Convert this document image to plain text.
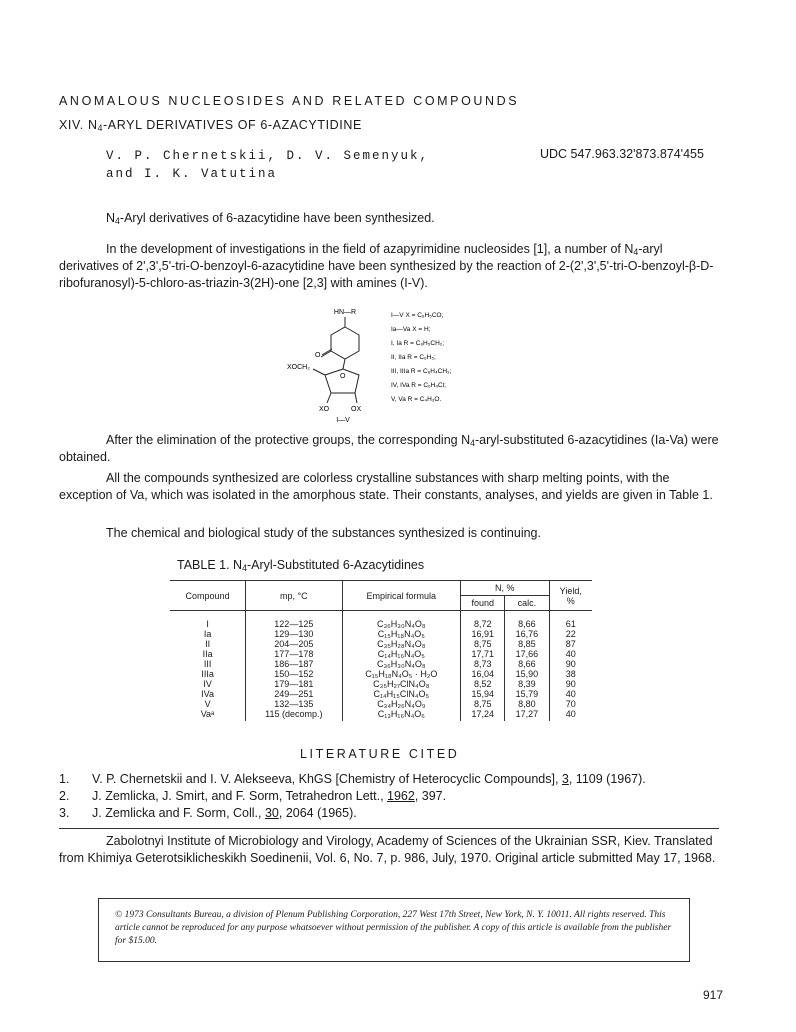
ANOMALOUS NUCLEOSIDES AND RELATED COMPOUNDS
XIV. $N_4$-ARYL DERIVATIVES OF 6-AZACYTIDINE
V. P. Chernetskii, D. V. Semenyuk,
and I. K. Vatutina
UDC 547.963.32'873.874'455

$N_4$-Aryl derivatives of 6-azacytidine have been synthesized.

In the development of investigations in the field of azapyrimidine nucleosides [1], a number of $N_4$-aryl derivatives of 2',3',5'-tri-O-benzoyl-6-azacytidine have been synthesized by the reaction of 2-(2',3',5'-tri-O-benzoyl-β-D-ribofuranosyl)-5-chloro-as-triazin-3(2H)-one [2,3] with amines (I-V).

HN—R
XOCH₂
O
O
XO	OX
I—V
I—V X = C₆H₅CO;
Ia—Va X = H;
I, Ia R = C₆H₅CH₂;
II, IIa R = C₆H₅;
III, IIIa R = C₆H₄CH₃;
IV, IVa R = C₆H₄Cl;
V, Va R = C₄H₃O.

After the elimination of the protective groups, the corresponding $N_4-aryl$-substituted 6-azacytidines (Ia-Va) were obtained.

All the compounds synthesized are colorless crystalline substances with sharp melting points, with the exception of Va, which was isolated in the amorphous state. Their constants, analyses, and yields are given in Table 1.

The chemical and biological study of the substances synthesized is continuing.

TABLE 1. $N_4-Aryl$-Substituted 6-Azacytidines
Compound	mp, °C	Empirical formula	N, %		Yield,
%
			found	calc.	
I	122—125	C₃₆H₃₀N₄O₈	8,72	8,66	61
Ia	129—130	C₁₅H₁₈N₄O₅	16,91	16,76	22
II	204—205	C₃₅H₂₈N₄O₈	8,75	8,85	87
IIa	177—178	C₁₄H₁₆N₄O₅	17,71	17,66	40
III	186—187	C₃₆H₃₀N₄O₈	8,73	8,66	90
IIIa	150—152	C₁₅H₁₈N₄O₅ · H₂O	16,04	15,90	38
IV	179—181	C₃₅H₂₇ClN₄O₈	8,52	8,39	90
IVa	249—251	C₁₄H₁₅ClN₄O₅	15,94	15,79	40
V	132—135	C₃₄H₂₆N₄O₉	8,75	8,80	70
Vaᵃ	115 (decomp.)	C₁₃H₁₆N₄O₆	17,24	17,27	40
LITERATURE CITED
1. V. P. Chernetskii and I. V. Alekseeva, KhGS [Chemistry of Heterocyclic Compounds], 3, 1109 (1967).
2. J. Zemlicka, J. Smirt, and F. Sorm, Tetrahedron Lett., 1962, 397.
3. J. Zemlicka and F. Sorm, Coll., 30, 2064 (1965).

Zabolotnyi Institute of Microbiology and Virology, Academy of Sciences of the Ukrainian SSR, Kiev. Translated from Khimiya Geterotsiklicheskikh Soedinenii, Vol. 6, No. 7, p. 986, July, 1970. Original article submitted May 17, 1968.

© 1973 Consultants Bureau, a division of Plenum Publishing Corporation, 227 West 17th Street, New York, N. Y. 10011. All rights reserved. This article cannot be reproduced for any purpose whatsoever without permission of the publisher. A copy of this article is available from the publisher for $15.00.

917
